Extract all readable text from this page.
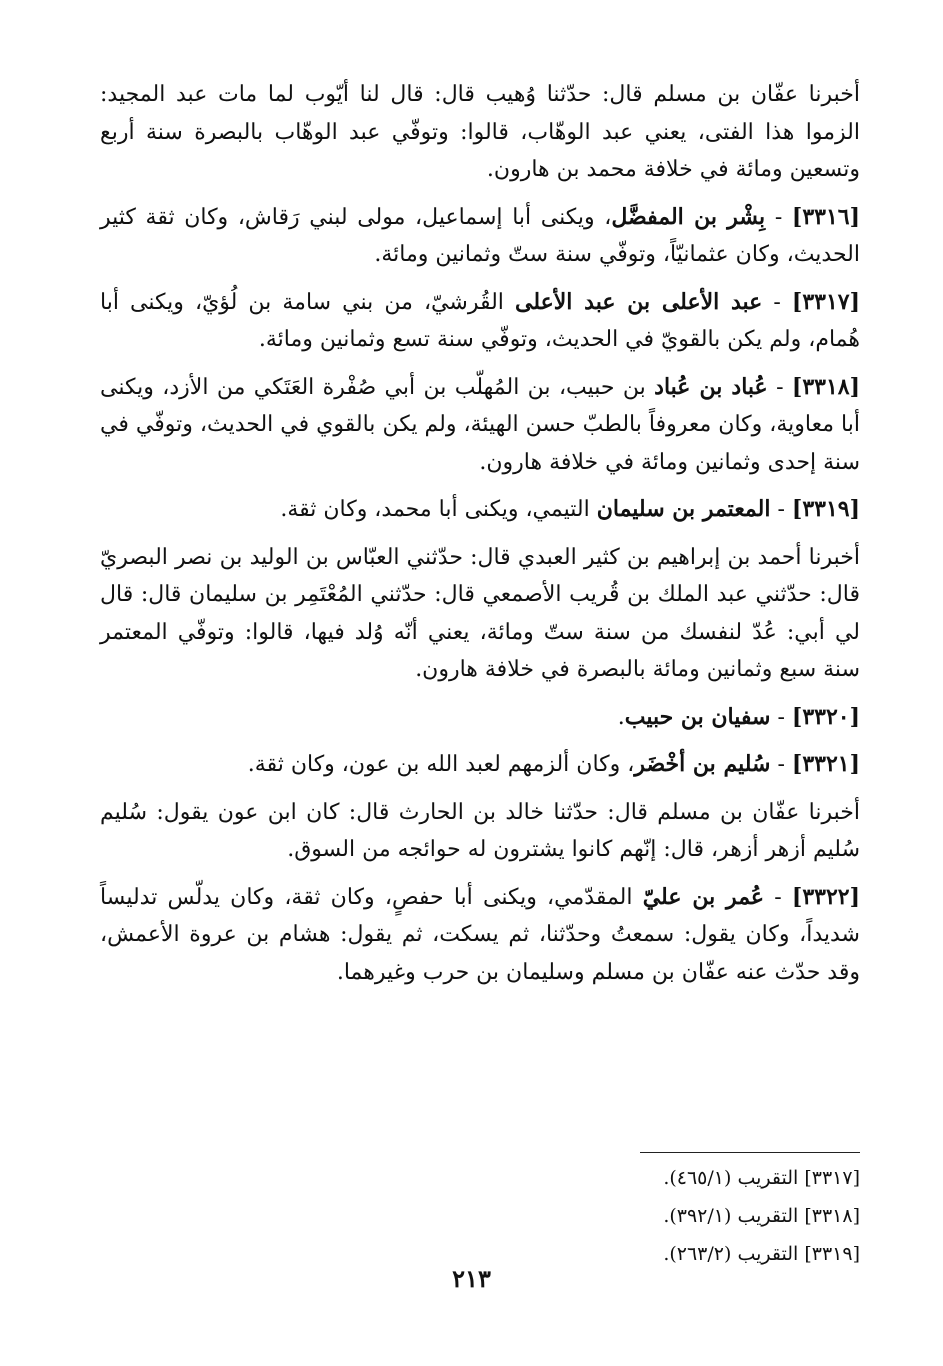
أخبرنا عفّان بن مسلم قال: حدّثنا وُهيب قال: قال لنا أيّوب لما مات عبد المجيد: الزموا هذا الفتى، يعني عبد الوهّاب، قالوا: وتوفّي عبد الوهّاب بالبصرة سنة أربع وتسعين ومائة في خلافة محمد بن هارون.

[٣٣١٦] - بِشْر بن المفضَّل، ويكنى أبا إسماعيل، مولى لبني رَقاش، وكان ثقة كثير الحديث، وكان عثمانيّاً، وتوفّي سنة ستّ وثمانين ومائة.

[٣٣١٧] - عبد الأعلى بن عبد الأعلى القُرشيّ، من بني سامة بن لُؤيّ، ويكنى أبا هُمام، ولم يكن بالقويّ في الحديث، وتوفّي سنة تسع وثمانين ومائة.

[٣٣١٨] - عُباد بن عُباد بن حبيب، بن المُهلّب بن أبي صُفْرة العَتَكي من الأزد، ويكنى أبا معاوية، وكان معروفاً بالطبّ حسن الهيئة، ولم يكن بالقوي في الحديث، وتوفّي في سنة إحدى وثمانين ومائة في خلافة هارون.

[٣٣١٩] - المعتمر بن سليمان التيمي، ويكنى أبا محمد، وكان ثقة.

أخبرنا أحمد بن إبراهيم بن كثير العبدي قال: حدّثني العبّاس بن الوليد بن نصر البصريّ قال: حدّثني عبد الملك بن قُريب الأصمعي قال: حدّثني المُعْتَمِر بن سليمان قال: قال لي أبي: عُدّ لنفسك من سنة ستّ ومائة، يعني أنّه وُلد فيها، قالوا: وتوفّي المعتمر سنة سبع وثمانين ومائة بالبصرة في خلافة هارون.

[٣٣٢٠] - سفيان بن حبيب.

[٣٣٢١] - سُليم بن أخْضَر، وكان ألزمهم لعبد الله بن عون، وكان ثقة.

أخبرنا عفّان بن مسلم قال: حدّثنا خالد بن الحارث قال: كان ابن عون يقول: سُليم سُليم أزهر أزهر، قال: إنّهم كانوا يشترون له حوائجه من السوق.

[٣٣٢٢] - عُمر بن عليّ المقدّمي، ويكنى أبا حفصٍ، وكان ثقة، وكان يدلّس تدليساً شديداً، وكان يقول: سمعتُ وحدّثنا، ثم يسكت، ثم يقول: هشام بن عروة الأعمش، وقد حدّث عنه عفّان بن مسلم وسليمان بن حرب وغيرهما.

[٣٣١٧] التقريب (٤٦٥/١).
[٣٣١٨] التقريب (٣٩٢/١).
[٣٣١٩] التقريب (٢٦٣/٢).
٢١٣
